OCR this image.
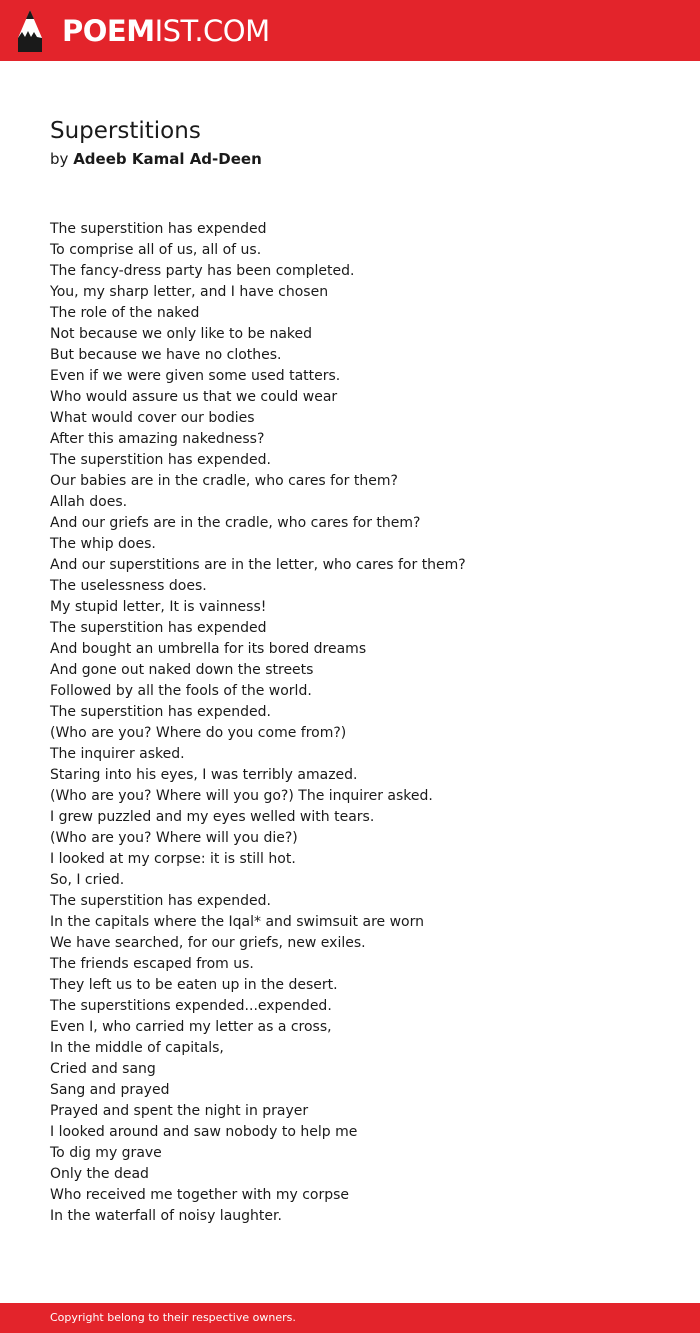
POEMIST.COM
Superstitions
by Adeeb Kamal Ad-Deen
The superstition has expended
To comprise all of us, all of us.
The fancy-dress party has been completed.
You, my sharp letter, and I have chosen
The role of the naked
Not because we only like to be naked
But because we have no clothes.
Even if we were given some used tatters.
Who would assure us that we could wear
What would cover our bodies
After this amazing nakedness?
The superstition has expended.
Our babies are in the cradle, who cares for them?
Allah does.
And our griefs are in the cradle, who cares for them?
The whip does.
And our superstitions are in the letter, who cares for them?
The uselessness does.
My stupid letter, It is vainness!
The superstition has expended
And bought an umbrella for its bored dreams
And gone out naked down the streets
Followed by all the fools of the world.
The superstition has expended.
(Who are you? Where do you come from?)
The inquirer asked.
Staring into his eyes, I was terribly amazed.
(Who are you? Where will you go?) The inquirer asked.
I grew puzzled and my eyes welled with tears.
(Who are you? Where will you die?)
I looked at my corpse: it is still hot.
So, I cried.
The superstition has expended.
In the capitals where the Iqal* and swimsuit are worn
We have searched, for our griefs, new exiles.
The friends escaped from us.
They left us to be eaten up in the desert.
The superstitions expended...expended.
Even I, who carried my letter as a cross,
In the middle of capitals,
Cried and sang
Sang and prayed
Prayed and spent the night in prayer
I looked around and saw nobody to help me
To dig my grave
Only the dead
Who received me together with my corpse
In the waterfall of noisy laughter.
Copyright belong to their respective owners.
